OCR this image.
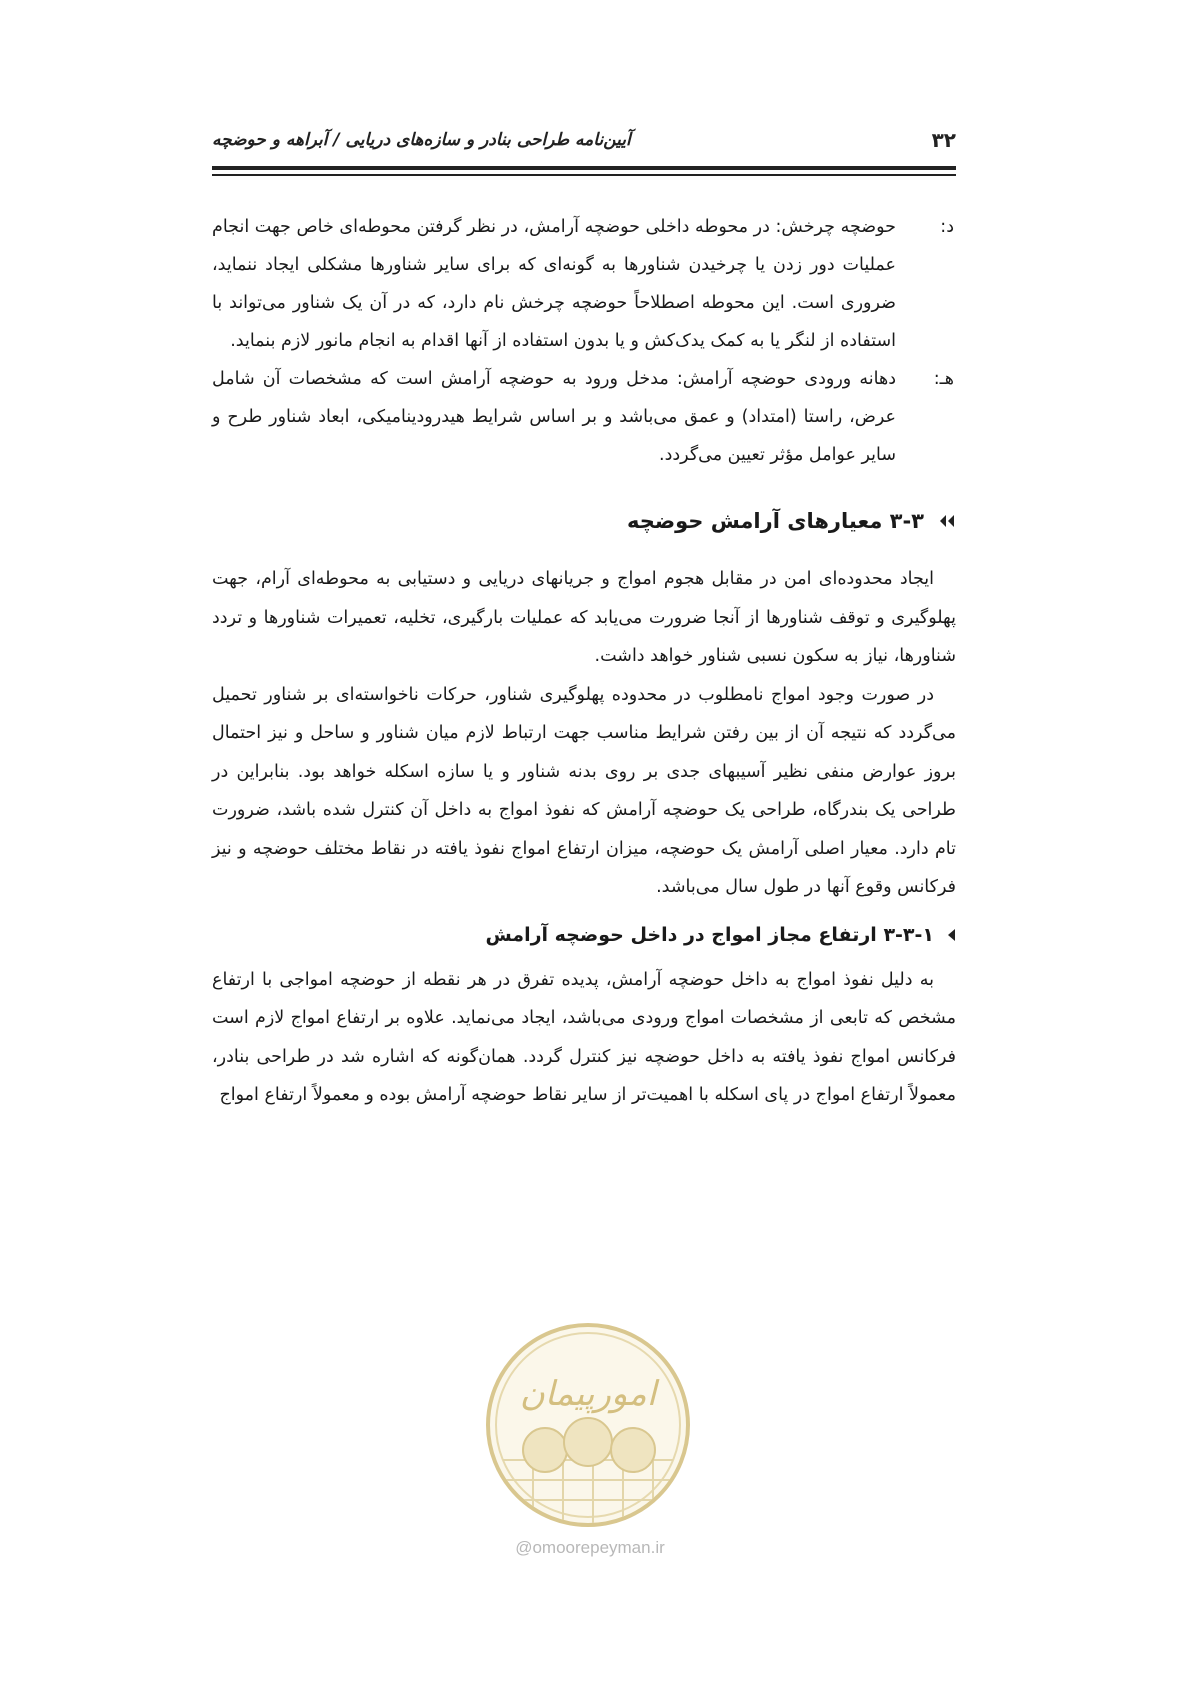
۳۲
آیین‌نامه طراحی بنادر و سازه‌های دریایی / آبراهه و حوضچه
د:
حوضچه چرخش: در محوطه داخلی حوضچه آرامش، در نظر گرفتن محوطه‌ای خاص جهت انجام عملیات دور زدن یا چرخیدن شناورها به گونه‌ای که برای سایر شناورها مشکلی ایجاد ننماید، ضروری است. این محوطه اصطلاحاً حوضچه چرخش نام دارد، که در آن یک شناور می‌تواند با استفاده از لنگر یا به کمک یدک‌کش و یا بدون استفاده از آنها اقدام به انجام مانور لازم بنماید.
هـ:
دهانه ورودی حوضچه آرامش: مدخل ورود به حوضچه آرامش است که مشخصات آن شامل عرض، راستا (امتداد) و عمق می‌باشد و بر اساس شرایط هیدرودینامیکی، ابعاد شناور طرح و سایر عوامل مؤثر تعیین می‌گردد.
۳-۳ معیارهای آرامش حوضچه

ایجاد محدوده‌ای امن در مقابل هجوم امواج و جریانهای دریایی و دستیابی به محوطه‌ای آرام، جهت پهلوگیری و توقف شناورها از آنجا ضرورت می‌یابد که عملیات بارگیری، تخلیه، تعمیرات شناورها و تردد شناورها، نیاز به سکون نسبی شناور خواهد داشت.

در صورت وجود امواج نامطلوب در محدوده پهلوگیری شناور، حرکات ناخواسته‌ای بر شناور تحمیل می‌گردد که نتیجه آن از بین رفتن شرایط مناسب جهت ارتباط لازم میان شناور و ساحل و نیز احتمال بروز عوارض منفی نظیر آسیبهای جدی بر روی بدنه شناور و یا سازه اسکله خواهد بود. بنابراین در طراحی یک بندرگاه، طراحی یک حوضچه آرامش که نفوذ امواج به داخل آن کنترل شده باشد، ضرورت تام دارد. معیار اصلی آرامش یک حوضچه، میزان ارتفاع امواج نفوذ یافته در نقاط مختلف حوضچه و نیز فرکانس وقوع آنها در طول سال می‌باشد.

۳-۳-۱ ارتفاع مجاز امواج در داخل حوضچه آرامش

به دلیل نفوذ امواج به داخل حوضچه آرامش، پدیده تفرق در هر نقطه از حوضچه امواجی با ارتفاع مشخص که تابعی از مشخصات امواج ورودی می‌باشد، ایجاد می‌نماید. علاوه بر ارتفاع امواج لازم است فرکانس امواج نفوذ یافته به داخل حوضچه نیز کنترل گردد. همان‌گونه که اشاره شد در طراحی بنادر، معمولاً ارتفاع امواج در پای اسکله با اهمیت‌تر از سایر نقاط حوضچه آرامش بوده و معمولاً ارتفاع امواج

امورپیمان
@omoorepeyman.ir
